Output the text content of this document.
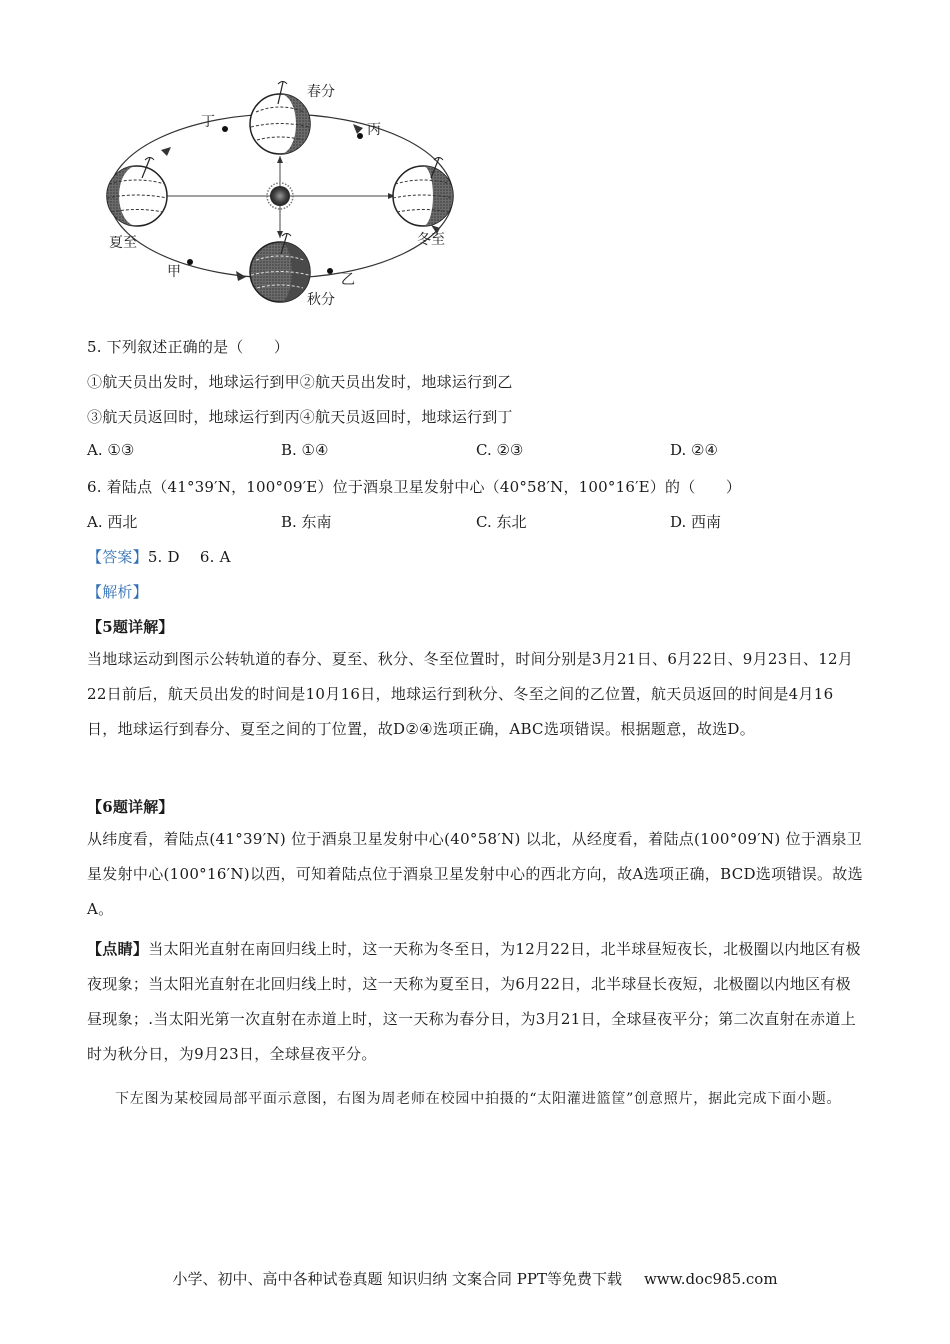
春分
夏至
秋分
冬至
丁	丙
甲	乙
5. 下列叙述正确的是（　　）
①航天员出发时，地球运行到甲②航天员出发时，地球运行到乙
③航天员返回时，地球运行到丙④航天员返回时，地球运行到丁
A. ①③	B. ①④	C. ②③	D. ②④
6. 着陆点（41°39′N，100°09′E）位于酒泉卫星发射中心（40°58′N，100°16′E）的（　　）
A. 西北	B. 东南	C. 东北	D. 西南
【答案】5. D　 6. A
【解析】
【5题详解】
当地球运动到图示公转轨道的春分、夏至、秋分、冬至位置时，时间分别是3月21日、6月22日、9月23日、12月22日前后，航天员出发的时间是10月16日，地球运行到秋分、冬至之间的乙位置，航天员返回的时间是4月16日，地球运行到春分、夏至之间的丁位置，故D②④选项正确，ABC选项错误。根据题意，故选D。
【6题详解】
从纬度看，着陆点(41°39′N) 位于酒泉卫星发射中心(40°58′N) 以北，从经度看，着陆点(100°09′N) 位于酒泉卫星发射中心(100°16′N)以西，可知着陆点位于酒泉卫星发射中心的西北方向，故A选项正确，BCD选项错误。故选A。
【点睛】当太阳光直射在南回归线上时，这一天称为冬至日，为12月22日，北半球昼短夜长，北极圈以内地区有极夜现象；当太阳光直射在北回归线上时，这一天称为夏至日，为6月22日，北半球昼长夜短，北极圈以内地区有极昼现象；.当太阳光第一次直射在赤道上时，这一天称为春分日，为3月21日，全球昼夜平分；第二次直射在赤道上时为秋分日，为9月23日，全球昼夜平分。
下左图为某校园局部平面示意图，右图为周老师在校园中拍摄的“太阳灌进篮筐”创意照片，据此完成下面小题。
小学、初中、高中各种试卷真题 知识归纳 文案合同 PPT等免费下载 www.doc985.com
